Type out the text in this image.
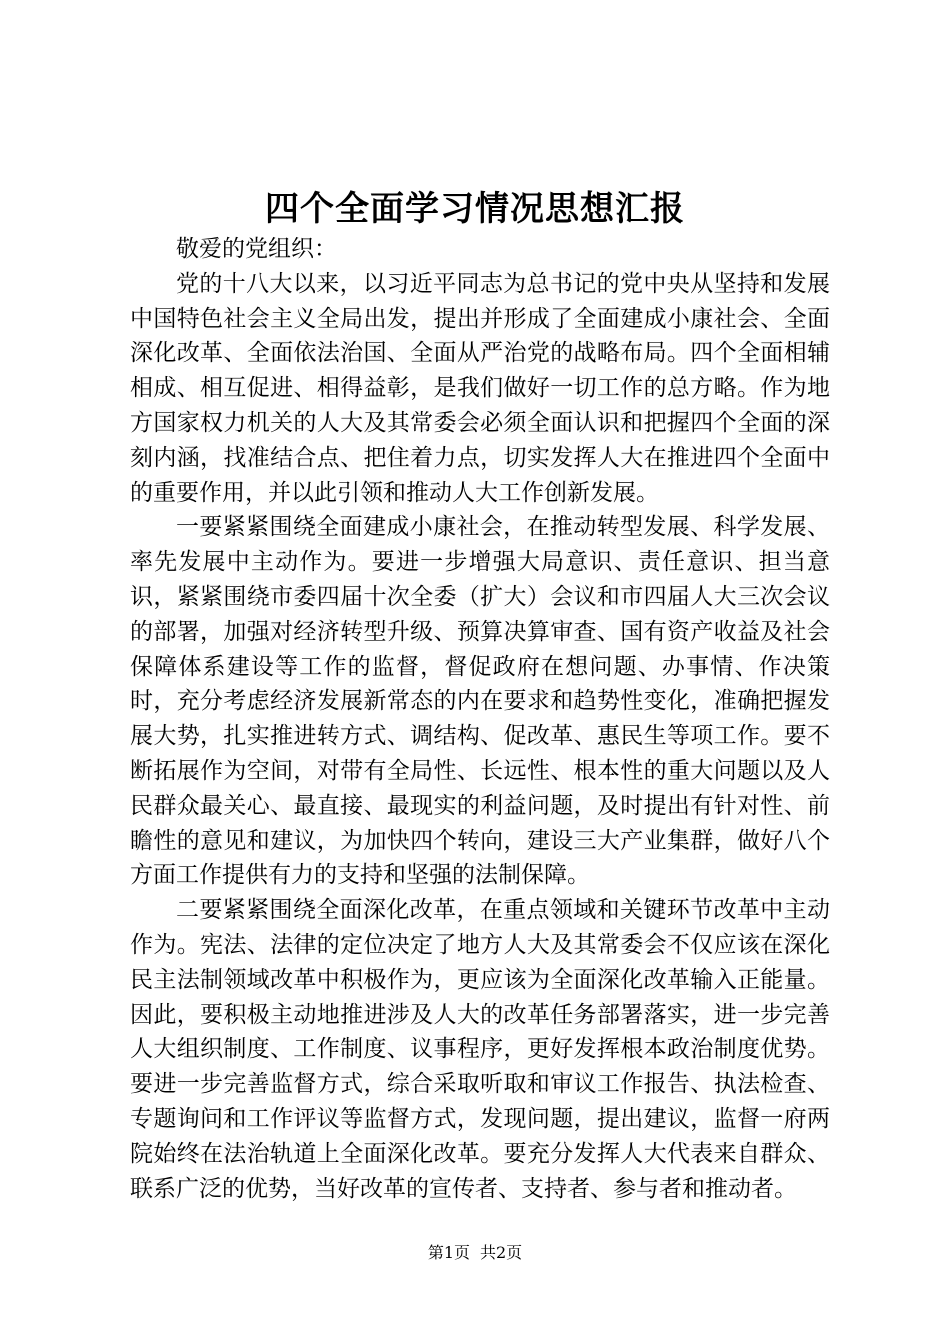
四个全面学习情况思想汇报

敬爱的党组织：

党的十八大以来，以习近平同志为总书记的党中央从坚持和发展中国特色社会主义全局出发，提出并形成了全面建成小康社会、全面深化改革、全面依法治国、全面从严治党的战略布局。四个全面相辅相成、相互促进、相得益彰，是我们做好一切工作的总方略。作为地方国家权力机关的人大及其常委会必须全面认识和把握四个全面的深刻内涵，找准结合点、把住着力点，切实发挥人大在推进四个全面中的重要作用，并以此引领和推动人大工作创新发展。

一要紧紧围绕全面建成小康社会，在推动转型发展、科学发展、率先发展中主动作为。要进一步增强大局意识、责任意识、担当意识，紧紧围绕市委四届十次全委（扩大）会议和市四届人大三次会议的部署，加强对经济转型升级、预算决算审查、国有资产收益及社会保障体系建设等工作的监督，督促政府在想问题、办事情、作决策时，充分考虑经济发展新常态的内在要求和趋势性变化，准确把握发展大势，扎实推进转方式、调结构、促改革、惠民生等项工作。要不断拓展作为空间，对带有全局性、长远性、根本性的重大问题以及人民群众最关心、最直接、最现实的利益问题，及时提出有针对性、前瞻性的意见和建议，为加快四个转向，建设三大产业集群，做好八个方面工作提供有力的支持和坚强的法制保障。

二要紧紧围绕全面深化改革，在重点领域和关键环节改革中主动作为。宪法、法律的定位决定了地方人大及其常委会不仅应该在深化民主法制领域改革中积极作为，更应该为全面深化改革输入正能量。因此，要积极主动地推进涉及人大的改革任务部署落实，进一步完善人大组织制度、工作制度、议事程序，更好发挥根本政治制度优势。要进一步完善监督方式，综合采取听取和审议工作报告、执法检查、专题询问和工作评议等监督方式，发现问题，提出建议，监督一府两院始终在法治轨道上全面深化改革。要充分发挥人大代表来自群众、联系广泛的优势，当好改革的宣传者、支持者、参与者和推动者。

第1页 共2页
